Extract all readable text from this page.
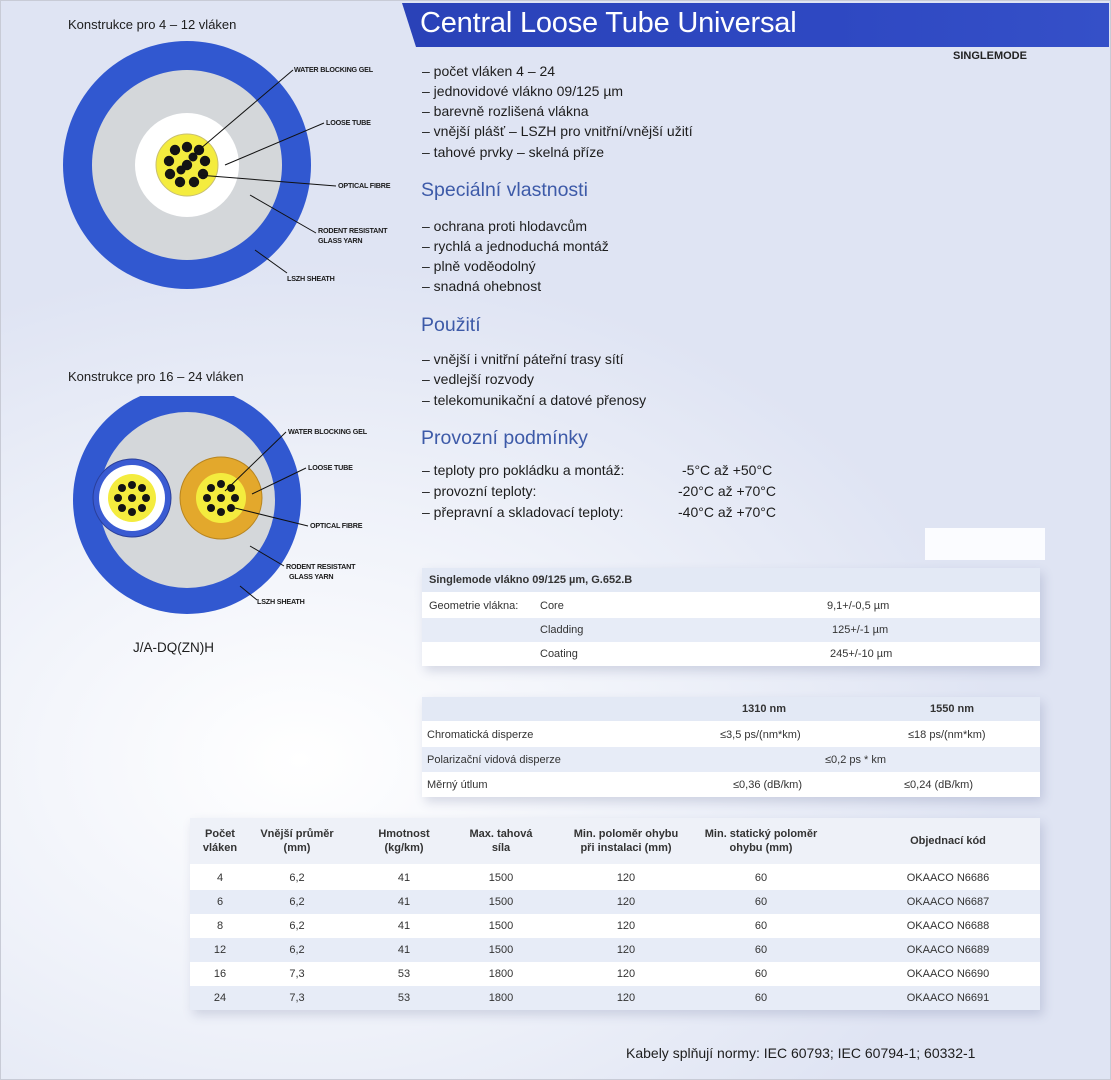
Central Loose Tube Universal
SINGLEMODE
– počet vláken 4 – 24
– jednovidové vlákno 09/125 µm
– barevně rozlišená vlákna
– vnější plášť – LSZH pro vnitřní/vnější užití
– tahové prvky – skelná příze
Speciální vlastnosti
– ochrana proti hlodavcům
– rychlá a jednoduchá montáž
– plně voděodolný
– snadná ohebnost
Použití
– vnější i vnitřní páteřní trasy sítí
– vedlejší rozvody
– telekomunikační a datové přenosy
Provozní podmínky
– teploty pro pokládku a montáž:	-5°C až +50°C
– provozní teploty:	-20°C až +70°C
– přepravní a skladovací teploty:	-40°C až +70°C
Konstrukce pro 4 – 12 vláken
WATER BLOCKING GEL
LOOSE TUBE
OPTICAL FIBRE
RODENT RESISTANT
GLASS YARN
LSZH SHEATH
Konstrukce pro 16 – 24 vláken
WATER BLOCKING GEL
LOOSE TUBE
OPTICAL FIBRE
RODENT RESISTANT
GLASS YARN
LSZH SHEATH
J/A-DQ(ZN)H
Singlemode vlákno 09/125 µm, G.652.B
Geometrie vlákna: Core	9,1+/-0,5 µm
Cladding	125+/-1 µm
Coating	245+/-10 µm
1310 nm	1550 nm
Chromatická disperze	≤3,5 ps/(nm*km)	≤18 ps/(nm*km)
Polarizační vidová disperze	≤0,2 ps * km
Měrný útlum	≤0,36 (dB/km)	≤0,24 (dB/km)
Počet
vláken
Vnější průměr
(mm)
Hmotnost
(kg/km)
Max. tahová
síla
Min. poloměr ohybu
při instalaci (mm)
Min. statický poloměr
ohybu (mm)
Objednací kód
4	6,2	41	1500	120	60	OKAACO N6686
6	6,2	41	1500	120	60	OKAACO N6687
8	6,2	41	1500	120	60	OKAACO N6688
12	6,2	41	1500	120	60	OKAACO N6689
16	7,3	53	1800	120	60	OKAACO N6690
24	7,3	53	1800	120	60	OKAACO N6691
Kabely splňují normy: IEC 60793; IEC 60794-1; 60332-1
